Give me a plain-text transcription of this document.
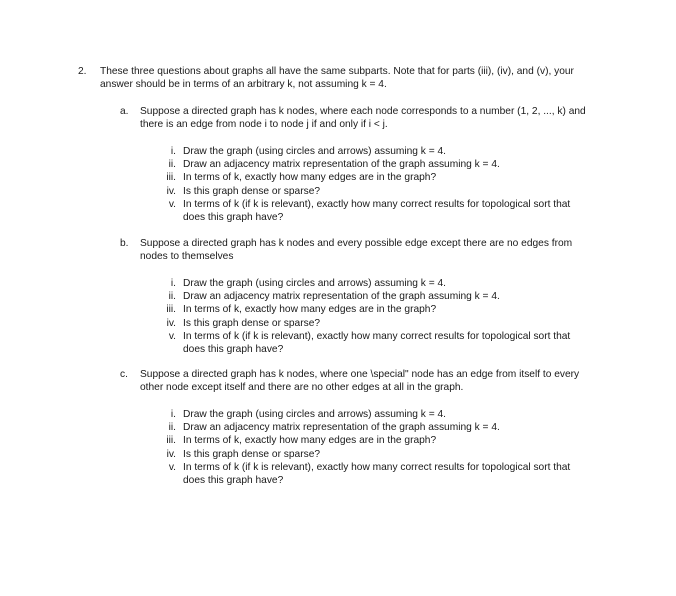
2. These three questions about graphs all have the same subparts. Note that for parts (iii), (iv), and (v), your answer should be in terms of an arbitrary k, not assuming k = 4.
a. Suppose a directed graph has k nodes, where each node corresponds to a number (1, 2, ..., k) and there is an edge from node i to node j if and only if i < j.
i. Draw the graph (using circles and arrows) assuming k = 4.
ii. Draw an adjacency matrix representation of the graph assuming k = 4.
iii. In terms of k, exactly how many edges are in the graph?
iv. Is this graph dense or sparse?
v. In terms of k (if k is relevant), exactly how many correct results for topological sort that does this graph have?
b. Suppose a directed graph has k nodes and every possible edge except there are no edges from nodes to themselves
i. Draw the graph (using circles and arrows) assuming k = 4.
ii. Draw an adjacency matrix representation of the graph assuming k = 4.
iii. In terms of k, exactly how many edges are in the graph?
iv. Is this graph dense or sparse?
v. In terms of k (if k is relevant), exactly how many correct results for topological sort that does this graph have?
c. Suppose a directed graph has k nodes, where one \special" node has an edge from itself to every other node except itself and there are no other edges at all in the graph.
i. Draw the graph (using circles and arrows) assuming k = 4.
ii. Draw an adjacency matrix representation of the graph assuming k = 4.
iii. In terms of k, exactly how many edges are in the graph?
iv. Is this graph dense or sparse?
v. In terms of k (if k is relevant), exactly how many correct results for topological sort that does this graph have?
